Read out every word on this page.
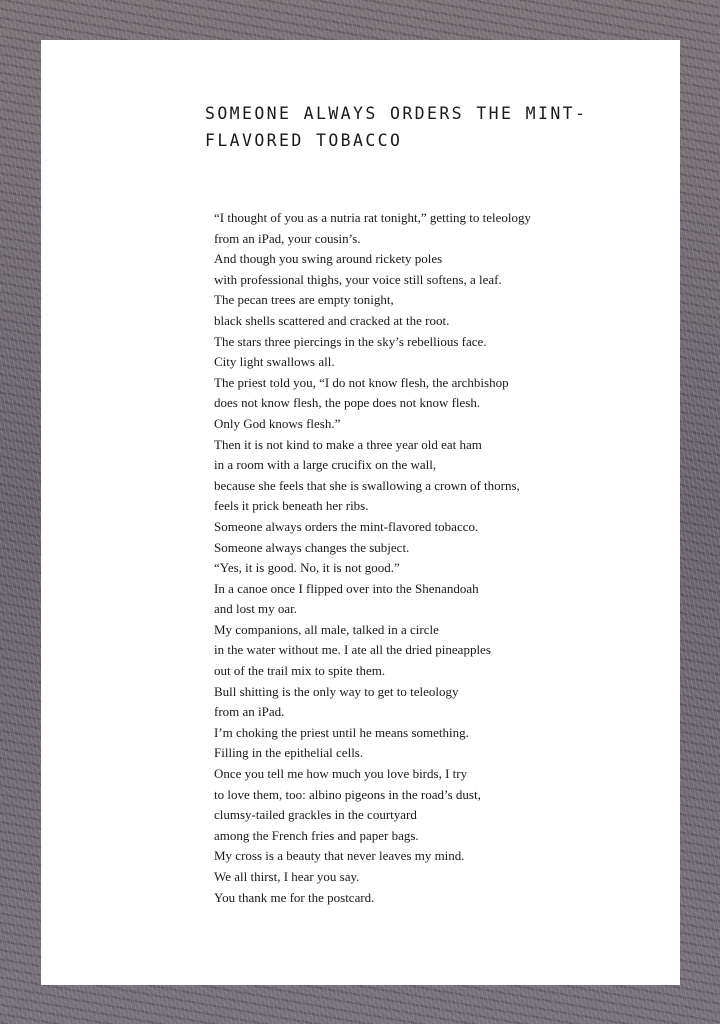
SOMEONE ALWAYS ORDERS THE MINT-
FLAVORED TOBACCO
“I thought of you as a nutria rat tonight,” getting to teleology
from an iPad, your cousin’s.
And though you swing around rickety poles
with professional thighs, your voice still softens, a leaf.
The pecan trees are empty tonight,
black shells scattered and cracked at the root.
The stars three piercings in the sky’s rebellious face.
City light swallows all.
The priest told you, “I do not know flesh, the archbishop
does not know flesh, the pope does not know flesh.
Only God knows flesh.”
Then it is not kind to make a three year old eat ham
in a room with a large crucifix on the wall,
because she feels that she is swallowing a crown of thorns,
feels it prick beneath her ribs.
Someone always orders the mint-flavored tobacco.
Someone always changes the subject.
“Yes, it is good. No, it is not good.”
In a canoe once I flipped over into the Shenandoah
and lost my oar.
My companions, all male, talked in a circle
in the water without me. I ate all the dried pineapples
out of the trail mix to spite them.
Bull shitting is the only way to get to teleology
from an iPad.
I’m choking the priest until he means something.
Filling in the epithelial cells.
Once you tell me how much you love birds, I try
to love them, too: albino pigeons in the road’s dust,
clumsy-tailed grackles in the courtyard
among the French fries and paper bags.
My cross is a beauty that never leaves my mind.
We all thirst, I hear you say.
You thank me for the postcard.
